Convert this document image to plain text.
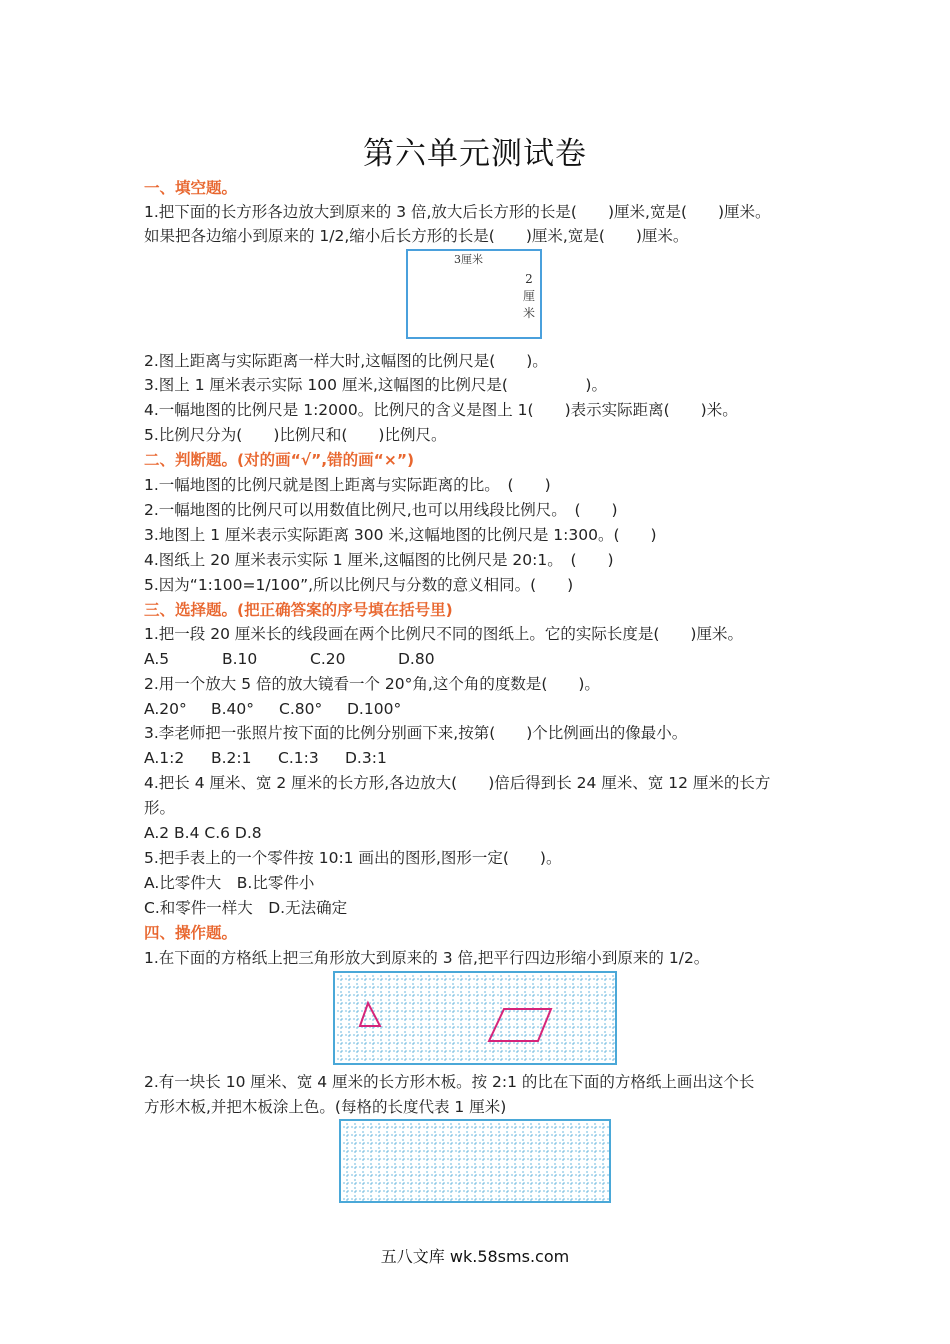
第六单元测试卷
一、填空题。
1.把下面的长方形各边放大到原来的 3 倍,放大后长方形的长是(　　)厘米,宽是(　　)厘米。
如果把各边缩小到原来的 1/2,缩小后长方形的长是(　　)厘米,宽是(　　)厘米。
3厘米
2
厘
米
2.图上距离与实际距离一样大时,这幅图的比例尺是(　　)。
3.图上 1 厘米表示实际 100 厘米,这幅图的比例尺是(　　　　　)。
4.一幅地图的比例尺是 1:2000。比例尺的含义是图上 1(　　)表示实际距离(　　)米。
5.比例尺分为(　　)比例尺和(　　)比例尺。
二、判断题。(对的画“√”,错的画“×”)
1.一幅地图的比例尺就是图上距离与实际距离的比。　(　　)
2.一幅地图的比例尺可以用数值比例尺,也可以用线段比例尺。　(　　)
3.地图上 1 厘米表示实际距离 300 米,这幅地图的比例尺是 1:300。(　　)
4.图纸上 20 厘米表示实际 1 厘米,这幅图的比例尺是 20:1。　(　　)
5.因为“1:100=1/100”,所以比例尺与分数的意义相同。(　　)
三、选择题。(把正确答案的序号填在括号里)
1.把一段 20 厘米长的线段画在两个比例尺不同的图纸上。它的实际长度是(　　)厘米。
A.5	B.10	C.20	D.80
2.用一个放大 5 倍的放大镜看一个 20°角,这个角的度数是(　　)。
A.20° B.40° C.80° D.100°
3.李老师把一张照片按下面的比例分别画下来,按第(　　)个比例画出的像最小。
A.1:2 B.2:1 C.1:3 D.3:1
4.把长 4 厘米、宽 2 厘米的长方形,各边放大(　　)倍后得到长 24 厘米、宽 12 厘米的长方
形。
A.2 B.4 C.6 D.8
5.把手表上的一个零件按 10:1 画出的图形,图形一定(　　)。
A.比零件大　B.比零件小
C.和零件一样大　D.无法确定
四、操作题。
1.在下面的方格纸上把三角形放大到原来的 3 倍,把平行四边形缩小到原来的 1/2。
2.有一块长 10 厘米、宽 4 厘米的长方形木板。按 2:1 的比在下面的方格纸上画出这个长
方形木板,并把木板涂上色。(每格的长度代表 1 厘米)
五八文库 wk.58sms.com
